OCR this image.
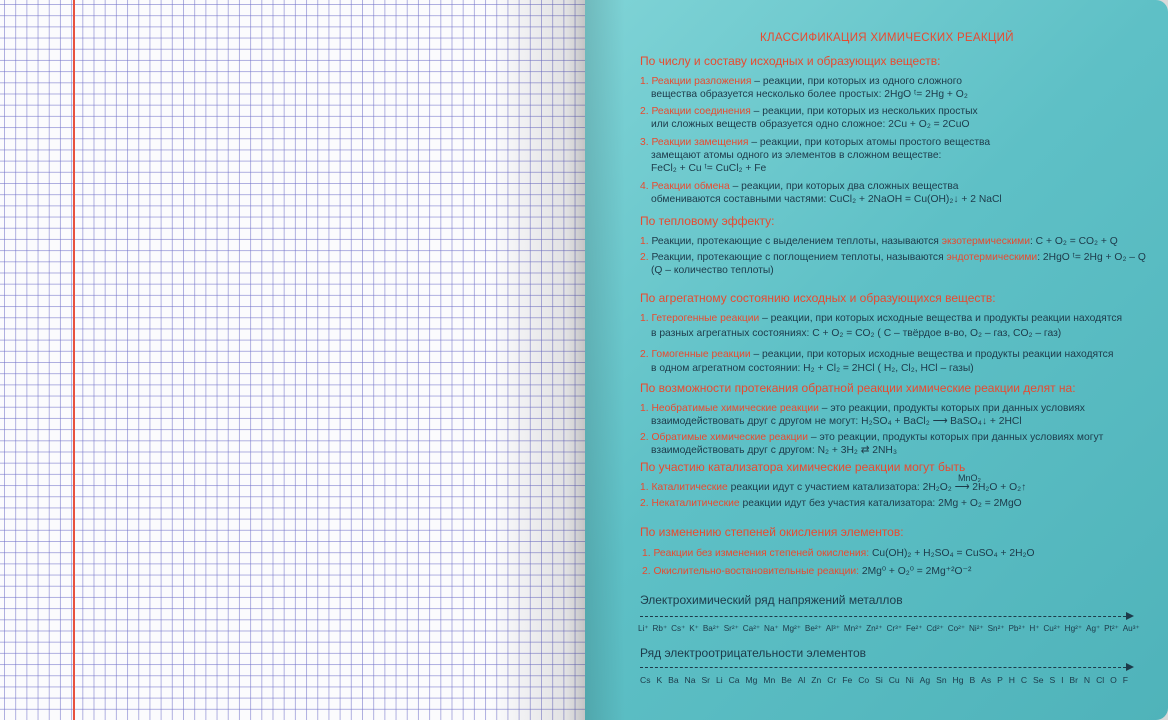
КЛАССИФИКАЦИЯ ХИМИЧЕСКИХ РЕАКЦИЙ
По числу и составу исходных и образующих веществ:
1. Реакции разложения – реакции, при которых из одного сложного
вещества образуется несколько более простых: 2HgO ᵗ= 2Hg + O₂
2. Реакции соединения – реакции, при которых из нескольких простых
или сложных веществ образуется одно сложное: 2Cu + O₂ = 2CuO
3. Реакции замещения – реакции, при которых атомы простого вещества
замещают атомы одного из элементов в сложном веществе:
FeCl₂ + Cu ᵗ= CuCl₂ + Fe
4. Реакции обмена – реакции, при которых два сложных вещества
обмениваются составными частями: CuCl₂ + 2NaOH = Cu(OH)₂↓ + 2 NaCl
По тепловому эффекту:
1. Реакции, протекающие с выделением теплоты, называются экзотермическими: C + O₂ = CO₂ + Q
2. Реакции, протекающие с поглощением теплоты, называются эндотермическими: 2HgO ᵗ= 2Hg + O₂ – Q
(Q – количество теплоты)
По агрегатному состоянию исходных и образующихся веществ:
1. Гетерогенные реакции – реакции, при которых исходные вещества и продукты реакции находятся
в разных агрегатных состояниях: C + O₂ = CO₂ ( C – твёрдое в-во, O₂ – газ, CO₂ – газ)
2. Гомогенные реакции – реакции, при которых исходные вещества и продукты реакции находятся
в одном агрегатном состоянии: H₂ + Cl₂ = 2HCl ( H₂, Cl₂, HCl – газы)
По возможности протекания обратной реакции химические реакции делят на:
1. Необратимые химические реакции – это реакции, продукты которых при данных условиях
взаимодействовать друг с другом не могут: H₂SO₄ + BaCl₂ ⟶ BaSO₄↓ + 2HCl
2. Обратимые химические реакции – это реакции, продукты которых при данных условиях могут
взаимодействовать друг с другом: N₂ + 3H₂ ⇄ 2NH₃
По участию катализатора химические реакции могут быть
MnO₂
1. Каталитические реакции идут с участием катализатора: 2H₂O₂ ⟶ 2H₂O + O₂↑
2. Некаталитические реакции идут без участия катализатора: 2Mg + O₂ = 2MgO
По изменению степеней окисления элементов:
1. Реакции без изменения степеней окисления: Cu(OH)₂ + H₂SO₄ = CuSO₄ + 2H₂O
2. Окислительно-востановительные реакции: 2Mg⁰ + O₂⁰ = 2Mg⁺²O⁻²
Электрохимический ряд напряжений металлов
Li⁺ Rb⁺ Cs⁺ K⁺ Ba²⁺ Sr²⁺ Ca²⁺ Na⁺ Mg²⁺ Be²⁺ Al³⁺ Mn²⁺ Zn²⁺ Cr³⁺ Fe²⁺ Cd²⁺ Co²⁺ Ni²⁺ Sn²⁺ Pb²⁺ H⁺ Cu²⁺ Hg²⁺ Ag⁺ Pt²⁺ Au³⁺
Ряд электроотрицательности элементов
Cs K Ba Na Sr Li Ca Mg Mn Be Al Zn Cr Fe Co Si Cu Ni Ag Sn Hg B As P H C Se S I Br N Cl O F
